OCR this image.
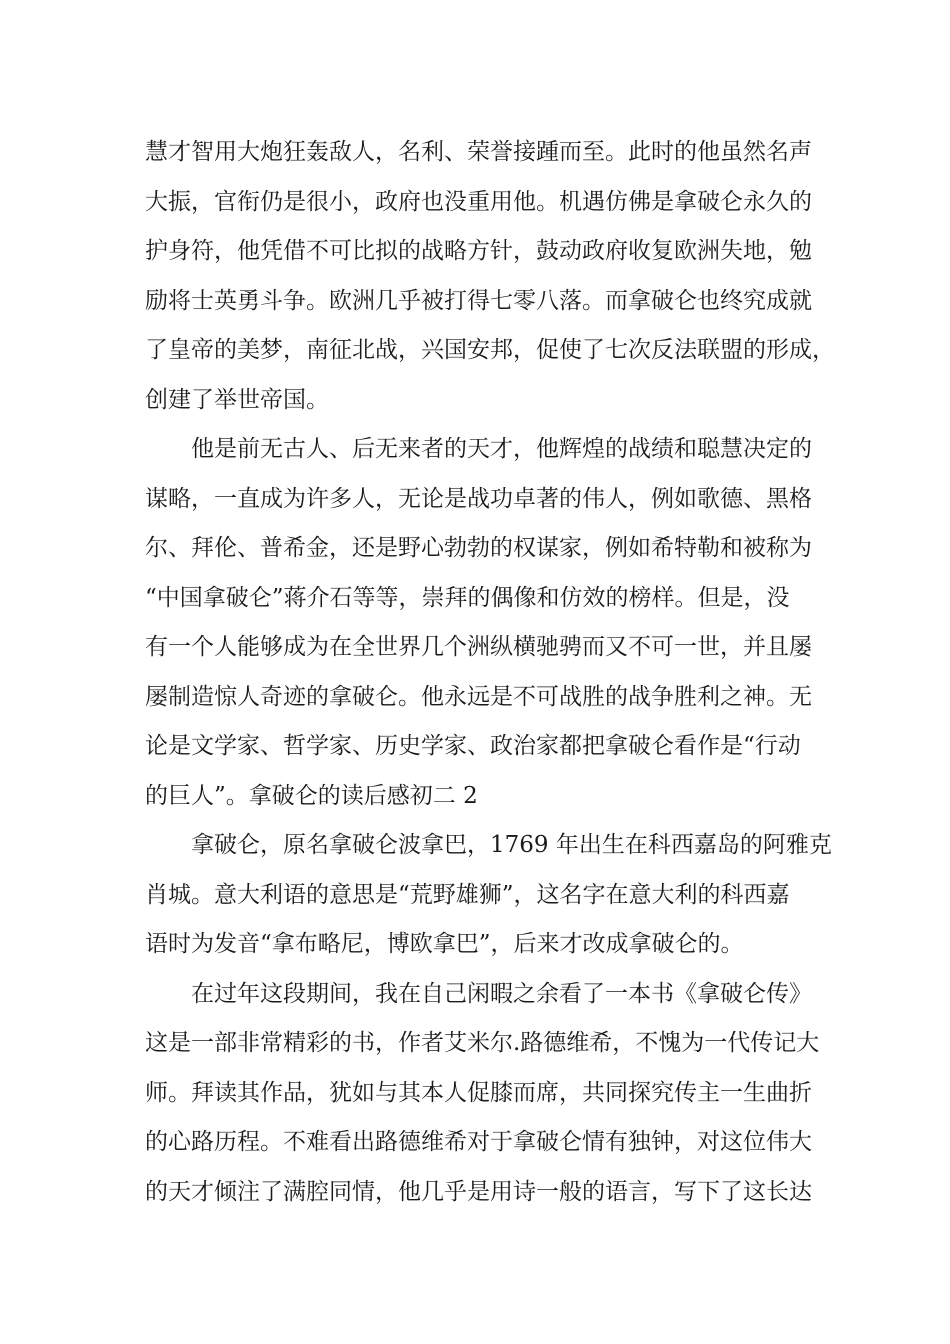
慧才智用大炮狂轰敌人，名利、荣誉接踵而至。此时的他虽然名声
大振，官衔仍是很小，政府也没重用他。机遇仿佛是拿破仑永久的
护身符，他凭借不可比拟的战略方针，鼓动政府收复欧洲失地，勉
励将士英勇斗争。欧洲几乎被打得七零八落。而拿破仑也终究成就
了皇帝的美梦，南征北战，兴国安邦，促使了七次反法联盟的形成，
创建了举世帝国。
他是前无古人、后无来者的天才，他辉煌的战绩和聪慧决定的
谋略，一直成为许多人，无论是战功卓著的伟人，例如歌德、黑格
尔、拜伦、普希金，还是野心勃勃的权谋家，例如希特勒和被称为
“中国拿破仑”蒋介石等等，崇拜的偶像和仿效的榜样。但是，没
有一个人能够成为在全世界几个洲纵横驰骋而又不可一世，并且屡
屡制造惊人奇迹的拿破仑。他永远是不可战胜的战争胜利之神。无
论是文学家、哲学家、历史学家、政治家都把拿破仑看作是“行动
的巨人”。拿破仑的读后感初二 2
拿破仑，原名拿破仑波拿巴，1769 年出生在科西嘉岛的阿雅克
肖城。意大利语的意思是“荒野雄狮”，这名字在意大利的科西嘉
语时为发音“拿布略尼，博欧拿巴”，后来才改成拿破仑的。
在过年这段期间，我在自己闲暇之余看了一本书《拿破仑传》
这是一部非常精彩的书，作者艾米尔.路德维希，不愧为一代传记大
师。拜读其作品，犹如与其本人促膝而席，共同探究传主一生曲折
的心路历程。不难看出路德维希对于拿破仑情有独钟，对这位伟大
的天才倾注了满腔同情，他几乎是用诗一般的语言，写下了这长达
